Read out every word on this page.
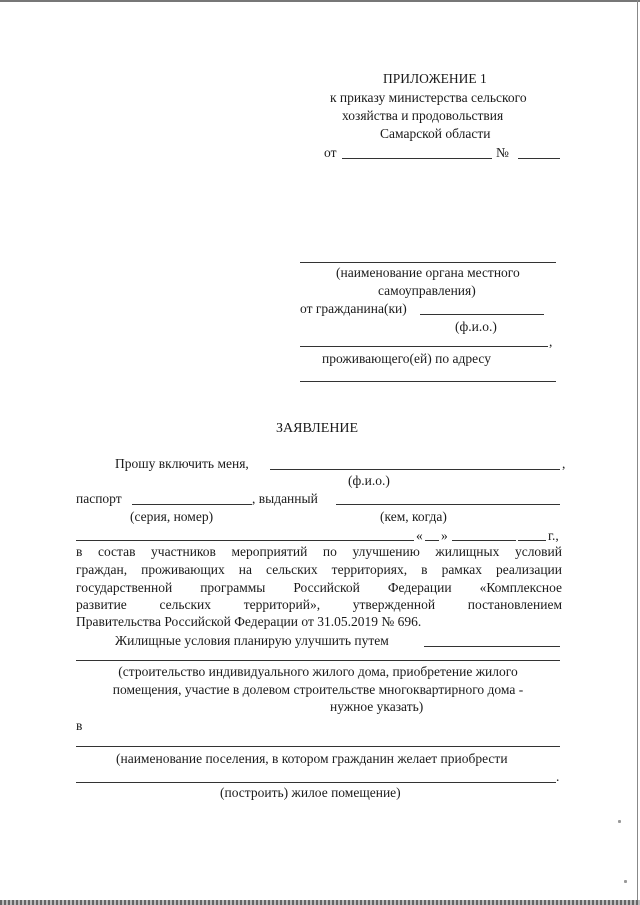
ПРИЛОЖЕНИЕ 1
к приказу министерства сельского
хозяйства и продовольствия
Самарской области
от	№
(наименование органа местного
самоуправления)
от гражданина(ки)
(ф.и.о.)
,
проживающего(ей) по адресу
ЗАЯВЛЕНИЕ
Прошу включить меня,	,
(ф.и.о.)
паспорт	, выданный
(серия, номер)	(кем, когда)
« »	г.,
в состав участников мероприятий по улучшению жилищных условий
граждан, проживающих на сельских территориях, в рамках реализации
государственной программы Российской Федерации «Комплексное
развитие сельских территорий», утвержденной постановлением
Правительства Российской Федерации от 31.05.2019 № 696.
Жилищные условия планирую улучшить путем
(строительство индивидуального жилого дома, приобретение жилого
помещения, участие в долевом строительстве многоквартирного дома -
нужное указать)
в
(наименование поселения, в котором гражданин желает приобрести
.
(построить) жилое помещение)
